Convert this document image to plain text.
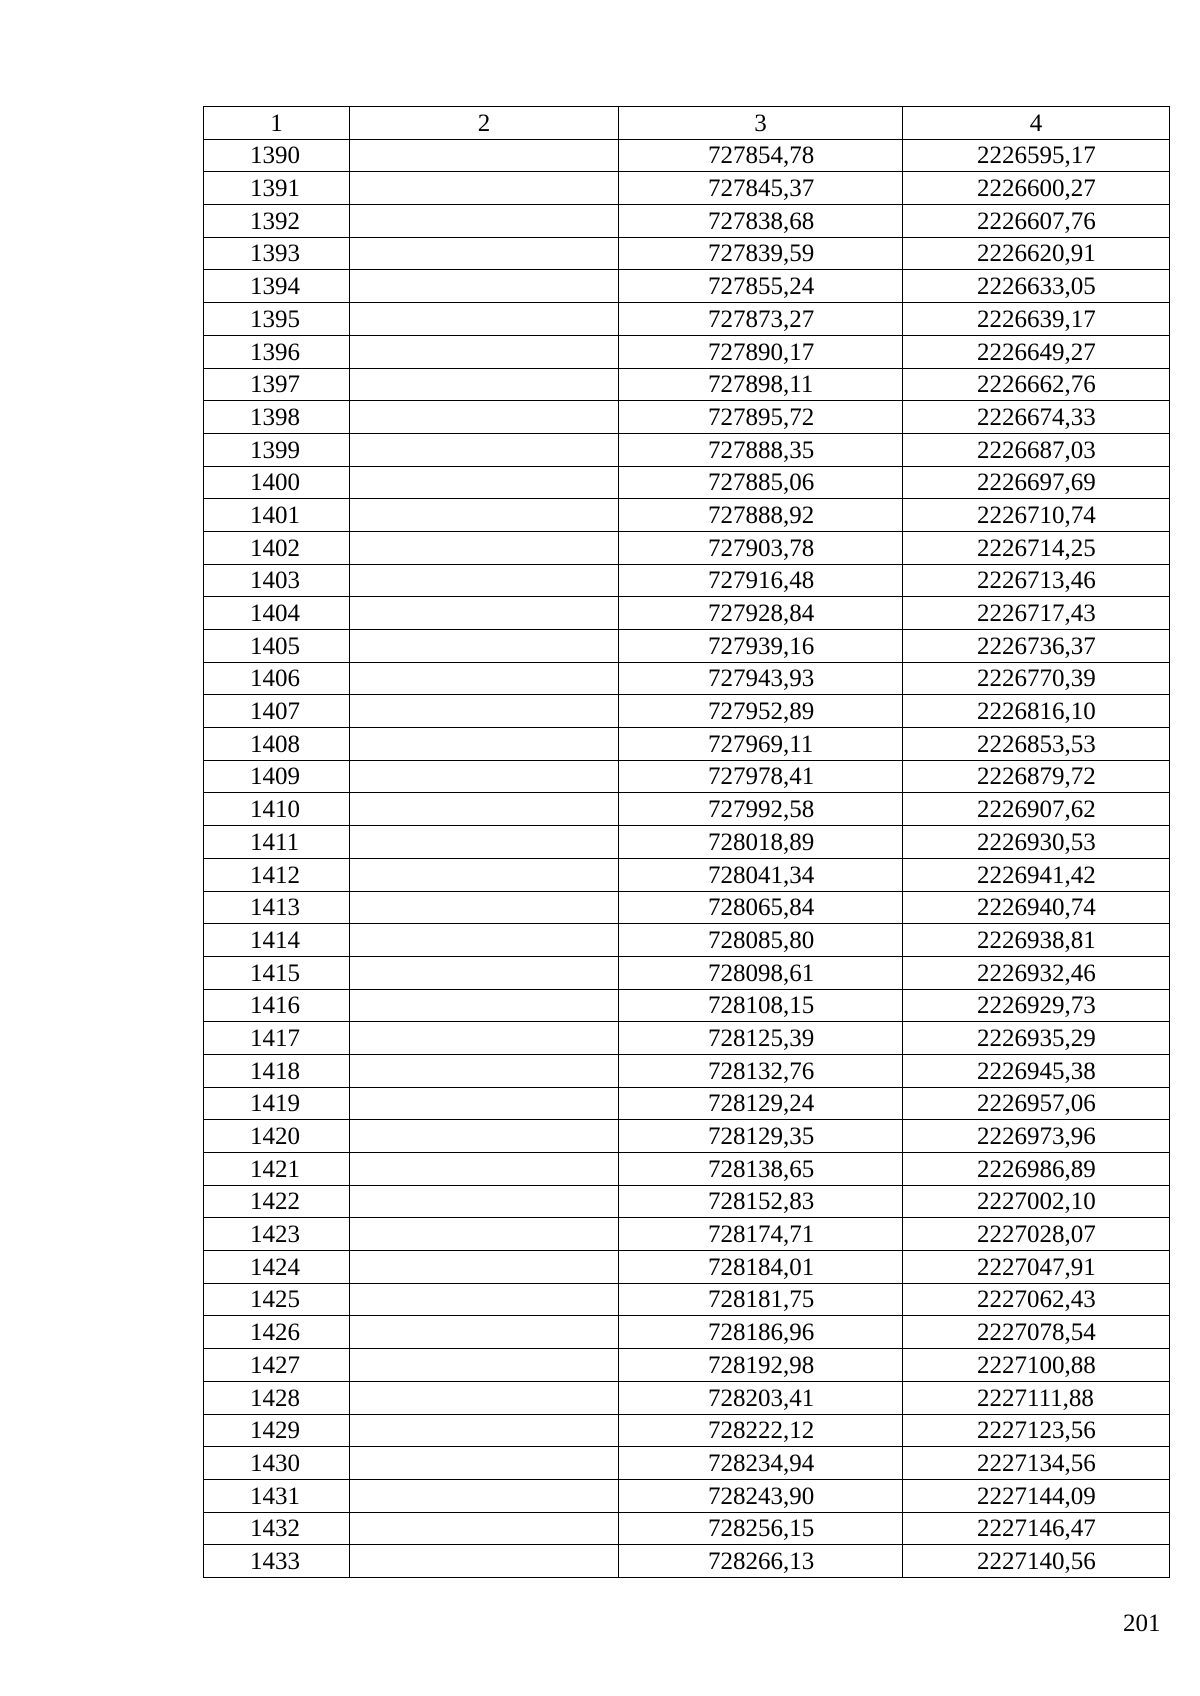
1	2	3	4
1390		727854,78	2226595,17
1391		727845,37	2226600,27
1392		727838,68	2226607,76
1393		727839,59	2226620,91
1394		727855,24	2226633,05
1395		727873,27	2226639,17
1396		727890,17	2226649,27
1397		727898,11	2226662,76
1398		727895,72	2226674,33
1399		727888,35	2226687,03
1400		727885,06	2226697,69
1401		727888,92	2226710,74
1402		727903,78	2226714,25
1403		727916,48	2226713,46
1404		727928,84	2226717,43
1405		727939,16	2226736,37
1406		727943,93	2226770,39
1407		727952,89	2226816,10
1408		727969,11	2226853,53
1409		727978,41	2226879,72
1410		727992,58	2226907,62
1411		728018,89	2226930,53
1412		728041,34	2226941,42
1413		728065,84	2226940,74
1414		728085,80	2226938,81
1415		728098,61	2226932,46
1416		728108,15	2226929,73
1417		728125,39	2226935,29
1418		728132,76	2226945,38
1419		728129,24	2226957,06
1420		728129,35	2226973,96
1421		728138,65	2226986,89
1422		728152,83	2227002,10
1423		728174,71	2227028,07
1424		728184,01	2227047,91
1425		728181,75	2227062,43
1426		728186,96	2227078,54
1427		728192,98	2227100,88
1428		728203,41	2227111,88
1429		728222,12	2227123,56
1430		728234,94	2227134,56
1431		728243,90	2227144,09
1432		728256,15	2227146,47
1433		728266,13	2227140,56
201
